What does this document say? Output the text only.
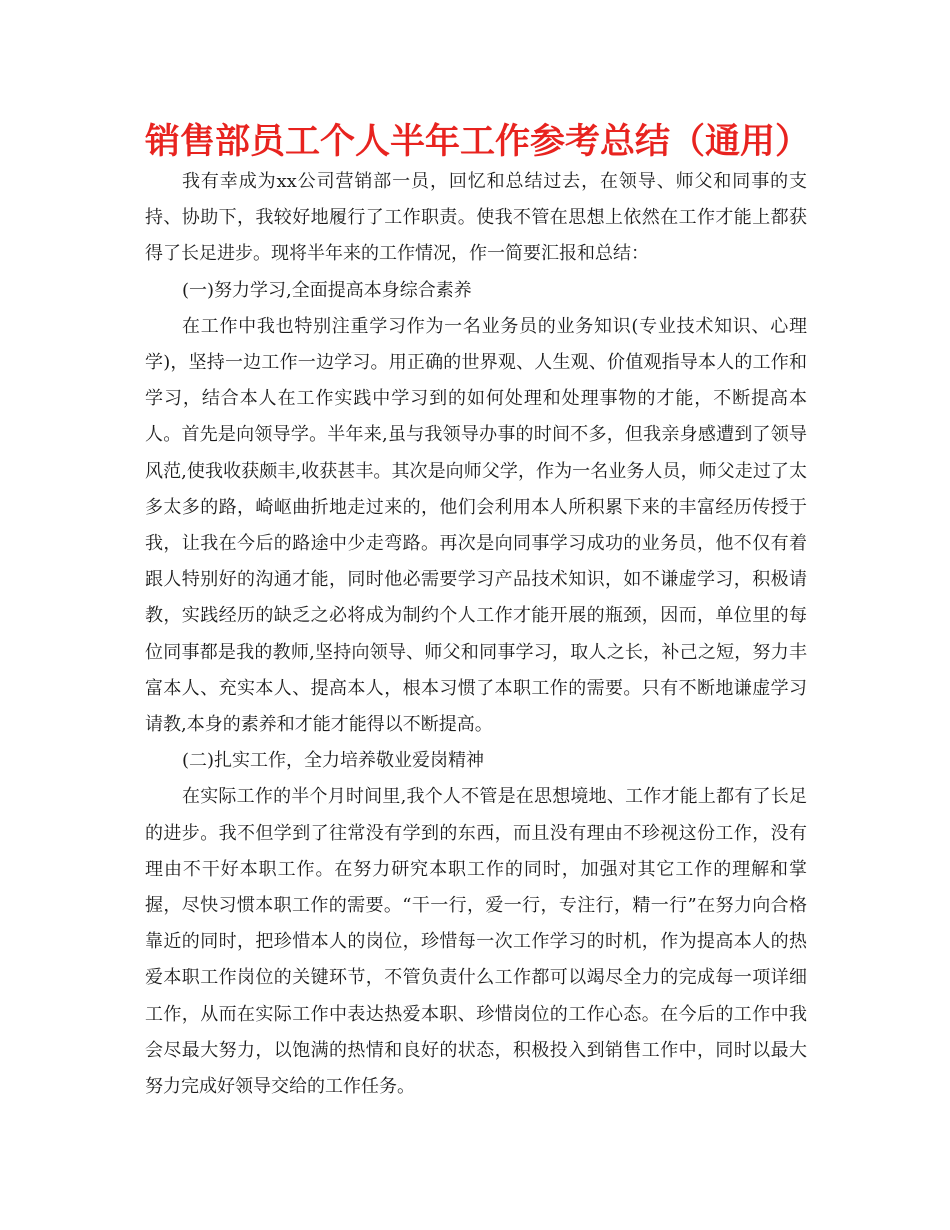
销售部员工个人半年工作参考总结（通用）

我有幸成为xx公司营销部一员，回忆和总结过去，在领导、师父和同事的支持、协助下，我较好地履行了工作职责。使我不管在思想上依然在工作才能上都获得了长足进步。现将半年来的工作情况，作一简要汇报和总结：

(一)努力学习,全面提高本身综合素养

在工作中我也特别注重学习作为一名业务员的业务知识(专业技术知识、心理学)，坚持一边工作一边学习。用正确的世界观、人生观、价值观指导本人的工作和学习，结合本人在工作实践中学习到的如何处理和处理事物的才能，不断提高本人。首先是向领导学。半年来,虽与我领导办事的时间不多，但我亲身感遭到了领导风范,使我收获颇丰,收获甚丰。其次是向师父学，作为一名业务人员，师父走过了太多太多的路，崎岖曲折地走过来的，他们会利用本人所积累下来的丰富经历传授于我，让我在今后的路途中少走弯路。再次是向同事学习成功的业务员，他不仅有着跟人特别好的沟通才能，同时他必需要学习产品技术知识，如不谦虚学习，积极请教，实践经历的缺乏之必将成为制约个人工作才能开展的瓶颈，因而，单位里的每位同事都是我的教师,坚持向领导、师父和同事学习，取人之长，补己之短，努力丰富本人、充实本人、提高本人，根本习惯了本职工作的需要。只有不断地谦虚学习请教,本身的素养和才能才能得以不断提高。

(二)扎实工作，全力培养敬业爱岗精神

在实际工作的半个月时间里,我个人不管是在思想境地、工作才能上都有了长足的进步。我不但学到了往常没有学到的东西，而且没有理由不珍视这份工作，没有理由不干好本职工作。在努力研究本职工作的同时，加强对其它工作的理解和掌握，尽快习惯本职工作的需要。“干一行，爱一行，专注行，精一行”在努力向合格靠近的同时，把珍惜本人的岗位，珍惜每一次工作学习的时机，作为提高本人的热爱本职工作岗位的关键环节，不管负责什么工作都可以竭尽全力的完成每一项详细工作，从而在实际工作中表达热爱本职、珍惜岗位的工作心态。在今后的工作中我会尽最大努力，以饱满的热情和良好的状态，积极投入到销售工作中，同时以最大努力完成好领导交给的工作任务。
